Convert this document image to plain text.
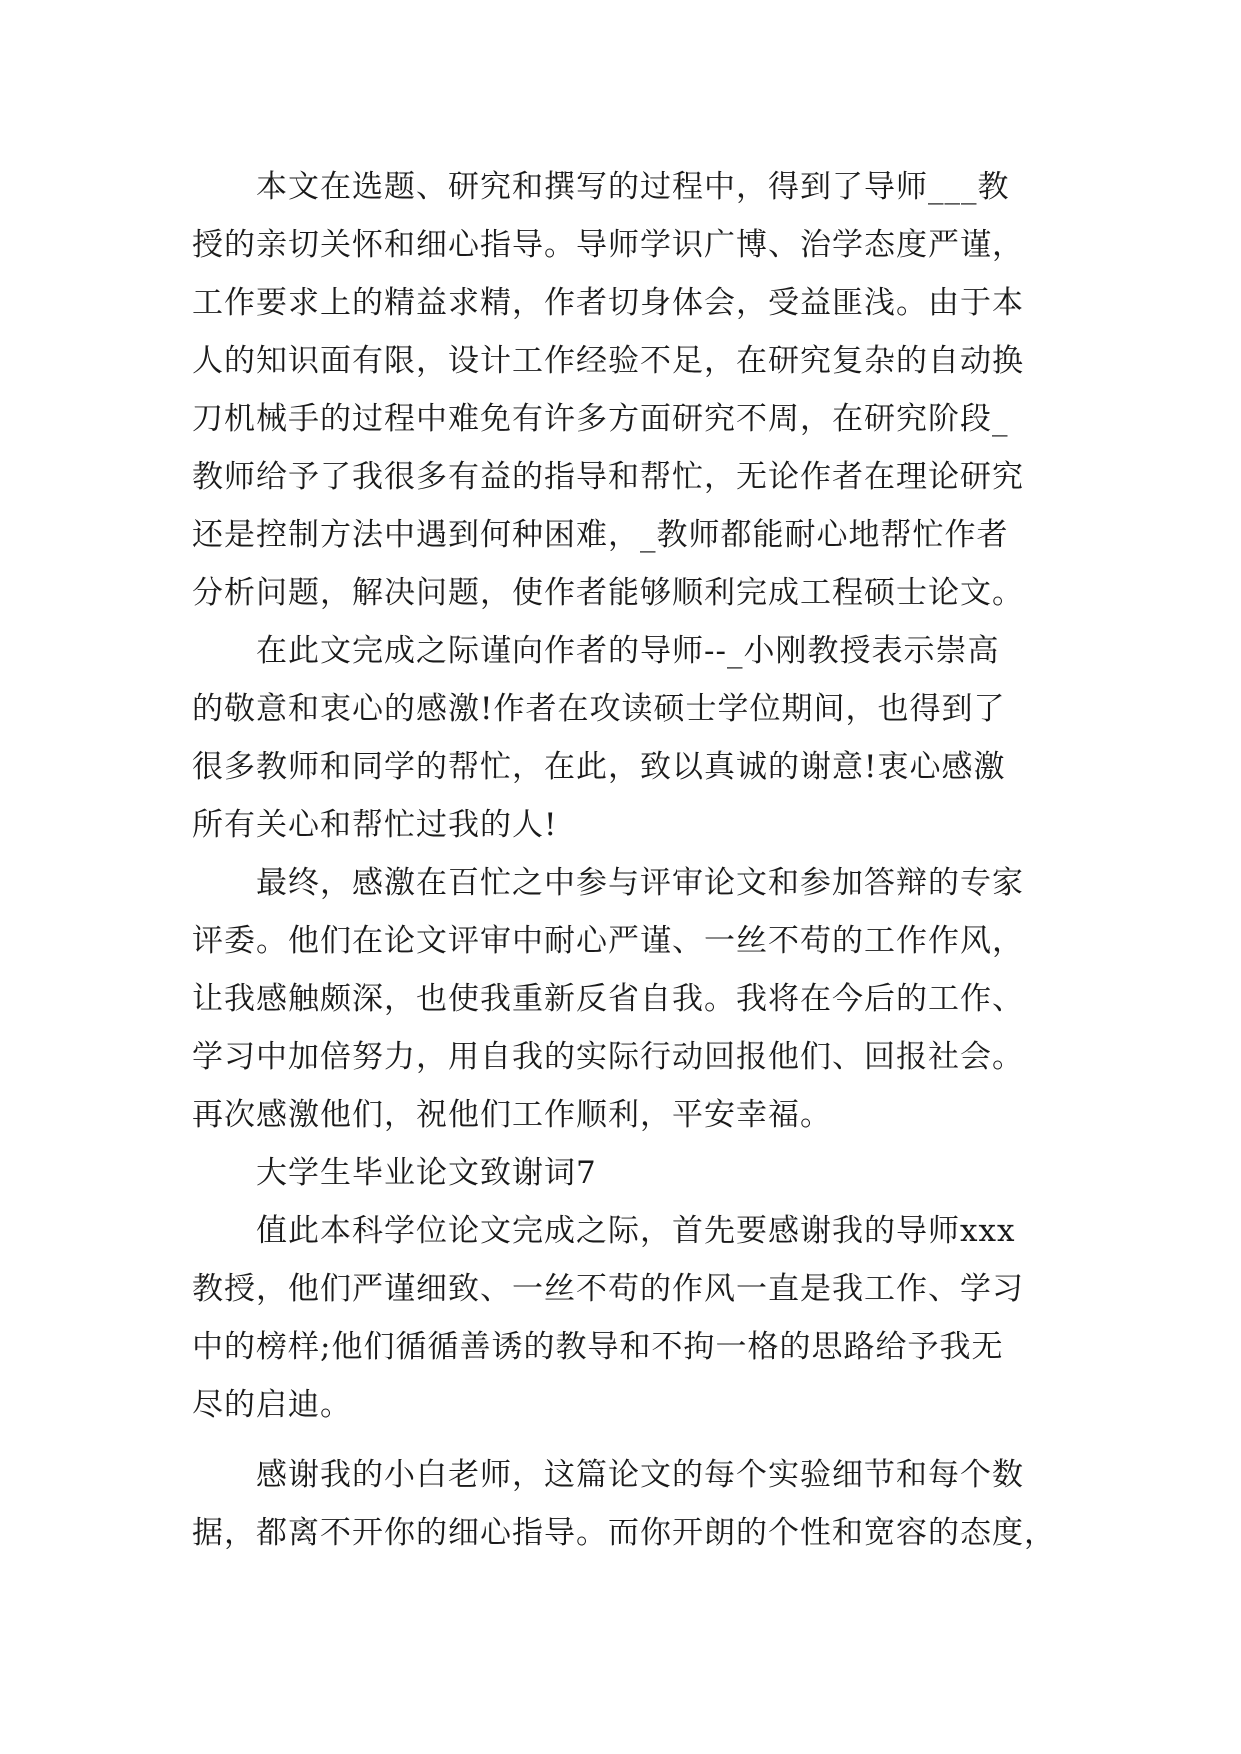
本文在选题、研究和撰写的过程中，得到了导师___教
授的亲切关怀和细心指导。导师学识广博、治学态度严谨，
工作要求上的精益求精，作者切身体会，受益匪浅。由于本
人的知识面有限，设计工作经验不足，在研究复杂的自动换
刀机械手的过程中难免有许多方面研究不周，在研究阶段_
教师给予了我很多有益的指导和帮忙，无论作者在理论研究
还是控制方法中遇到何种困难，_教师都能耐心地帮忙作者
分析问题，解决问题，使作者能够顺利完成工程硕士论文。
在此文完成之际谨向作者的导师--_小刚教授表示崇高
的敬意和衷心的感激!作者在攻读硕士学位期间，也得到了
很多教师和同学的帮忙，在此，致以真诚的谢意!衷心感激
所有关心和帮忙过我的人!
最终，感激在百忙之中参与评审论文和参加答辩的专家
评委。他们在论文评审中耐心严谨、一丝不苟的工作作风，
让我感触颇深，也使我重新反省自我。我将在今后的工作、
学习中加倍努力，用自我的实际行动回报他们、回报社会。
再次感激他们，祝他们工作顺利，平安幸福。
大学生毕业论文致谢词7
值此本科学位论文完成之际，首先要感谢我的导师xxx
教授，他们严谨细致、一丝不苟的作风一直是我工作、学习
中的榜样;他们循循善诱的教导和不拘一格的思路给予我无
尽的启迪。
感谢我的小白老师，这篇论文的每个实验细节和每个数
据，都离不开你的细心指导。而你开朗的个性和宽容的态度，
